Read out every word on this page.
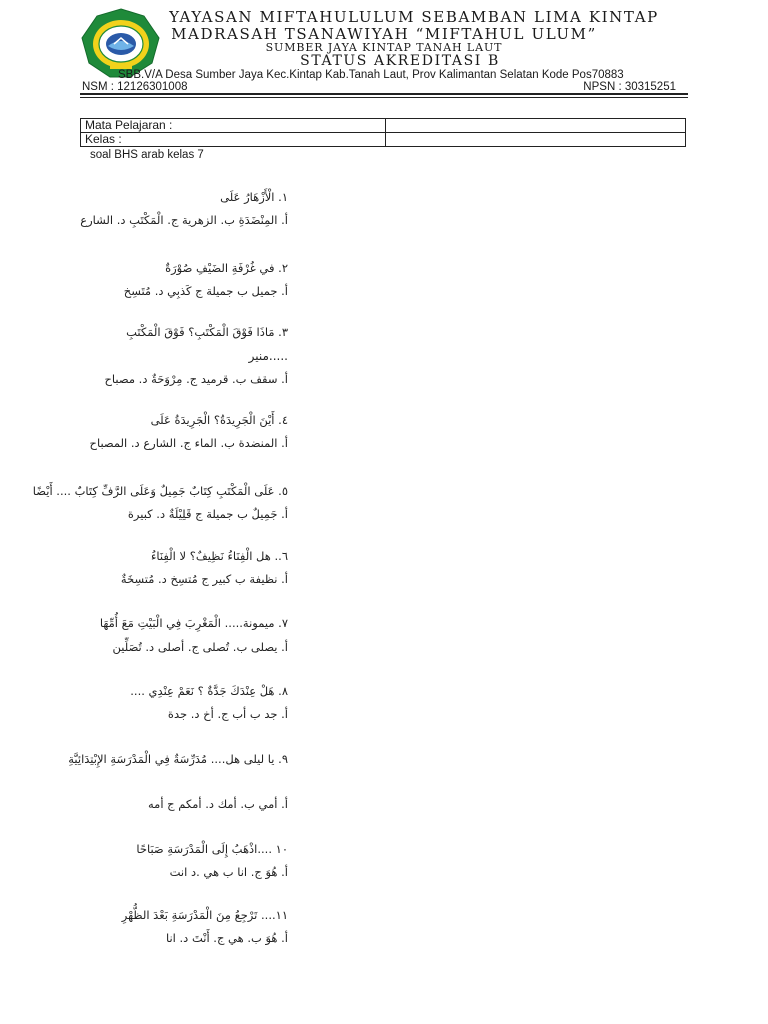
YAYASAN MIFTAHULULUM SEBAMBAN LIMA KINTAP
MADRASAH TSANAWIYAH “MIFTAHUL ULUM”
SUMBER JAYA KINTAP TANAH LAUT
STATUS AKREDITASI B
SBB.V/A Desa Sumber Jaya Kec.Kintap Kab.Tanah Laut, Prov Kalimantan Selatan Kode Pos70883
NSM : 12126301008	NPSN : 30315251
Mata Pelajaran :	
Kelas :	
soal BHS arab kelas 7
١. الْأَزْهَارُ عَلَى
أ. المِنْضَدَةِ ب. الزهرية ج. الْمَكْتَبِ د. الشارع
٢. في غُرْفَةِ الضَيْفِ صُوْرَةٌ
أ. جميل ب جميلة ج كَذبِي د. مُتَسِخ
٣. مَاذَا فَوْقَ الْمَكْتَبِ؟ فَوْقَ الْمَكْتَبِ
.....منير
أ. سقف ب. قرميد ج. مِرْوَحَةٌ د. مصباح
٤. أَيْنَ الْجَرِيدَةُ؟ الْجَرِيدَةُ عَلَى
أ. المنضدة ب. الماء ج. الشارع د. المصباح
٥. عَلَى الْمَكْتَبِ كِتَابٌ جَمِيلٌ وَعَلَى الرَّفِّ كِتَابٌ .... أَيْضًا
أ. جَمِيلٌ ب جميلة ج قَلِيْلَةٌ د. كبيرة
٦.. هل الْفِنَاءُ نَظِيفٌ؟ لا الْفِنَاءُ
أ. نظيفة ب كبير ج مُتسِخ د. مُتسِخَةٌ
٧. ميمونة..... الْمَغْرِبَ فِي الْبَيْتِ مَعَ أُمِّهَا
أ. يصلى ب. تُصلى ج. أصلى د. تُصَلِّين
٨. هَلْ عِنْدَكَ جَدَّةٌ ؟ نَعَمْ عِنْدِي ....
أ. جد ب أب ج. أخ د. جدة
٩. يا ليلى هل.... مُدَرِّسَةٌ فِي الْمَدْرَسَةِ الإِبْتِدَائِيَّةِ
أ. أمي ب. أمك د. أمكم ج أمه
١٠ ....اذْهَبُ إِلَى الْمَدْرَسَةِ صَبَاحًا
أ. هُوَ ج. انا ب هي .د انت
١١.... تَرْجِعُ مِنَ الْمَدْرَسَةِ بَعْدَ الظُّهْرِ
أ. هُوَ ب. هي ج. أَنْتَ د. انا
